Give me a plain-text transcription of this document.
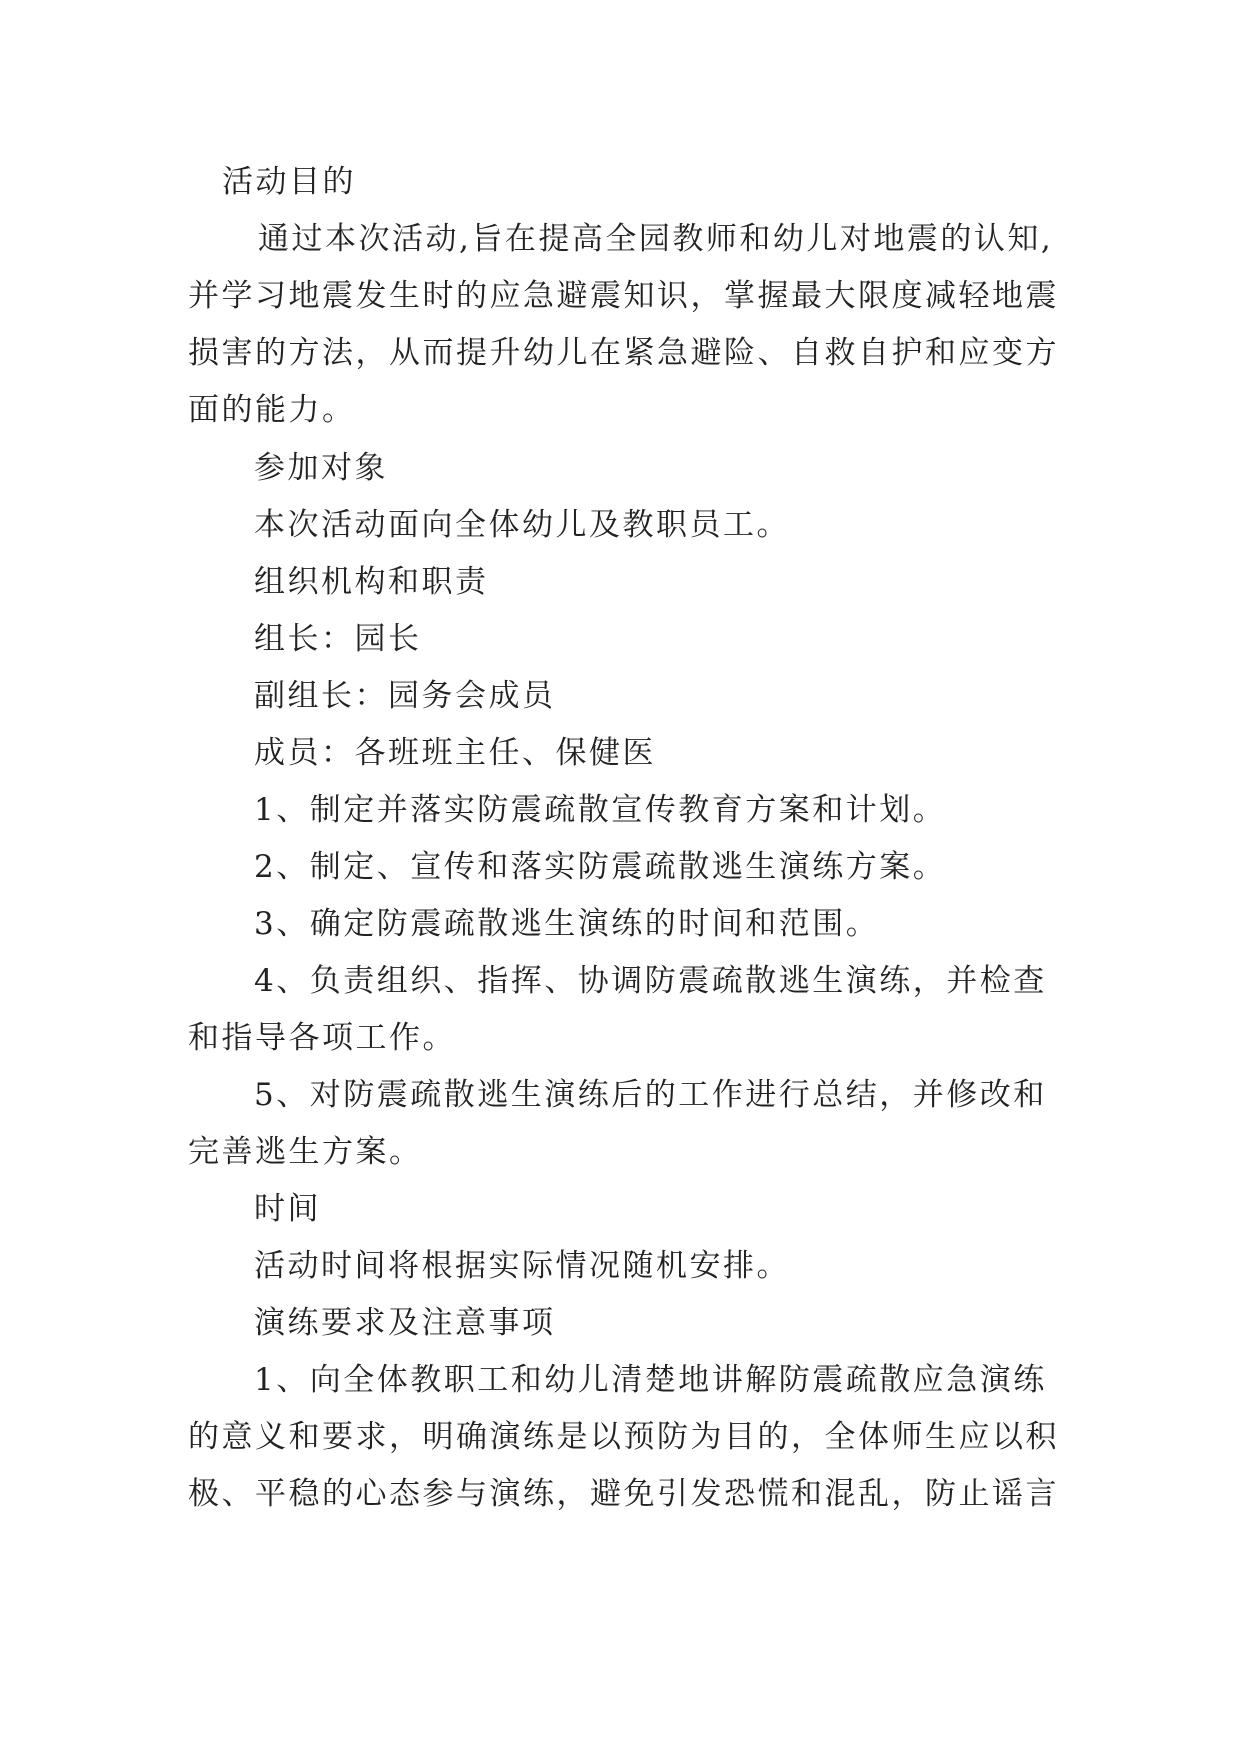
活动目的
通过本次活动,旨在提高全园教师和幼儿对地震的认知,
并学习地震发生时的应急避震知识，掌握最大限度减轻地震
损害的方法，从而提升幼儿在紧急避险、自救自护和应变方
面的能力。
参加对象
本次活动面向全体幼儿及教职员工。
组织机构和职责
组长：园长
副组长：园务会成员
成员：各班班主任、保健医
1、制定并落实防震疏散宣传教育方案和计划。
2、制定、宣传和落实防震疏散逃生演练方案。
3、确定防震疏散逃生演练的时间和范围。
4、负责组织、指挥、协调防震疏散逃生演练，并检查
和指导各项工作。
5、对防震疏散逃生演练后的工作进行总结，并修改和
完善逃生方案。
时间
活动时间将根据实际情况随机安排。
演练要求及注意事项
1、向全体教职工和幼儿清楚地讲解防震疏散应急演练
的意义和要求，明确演练是以预防为目的，全体师生应以积
极、平稳的心态参与演练，避免引发恐慌和混乱，防止谣言
